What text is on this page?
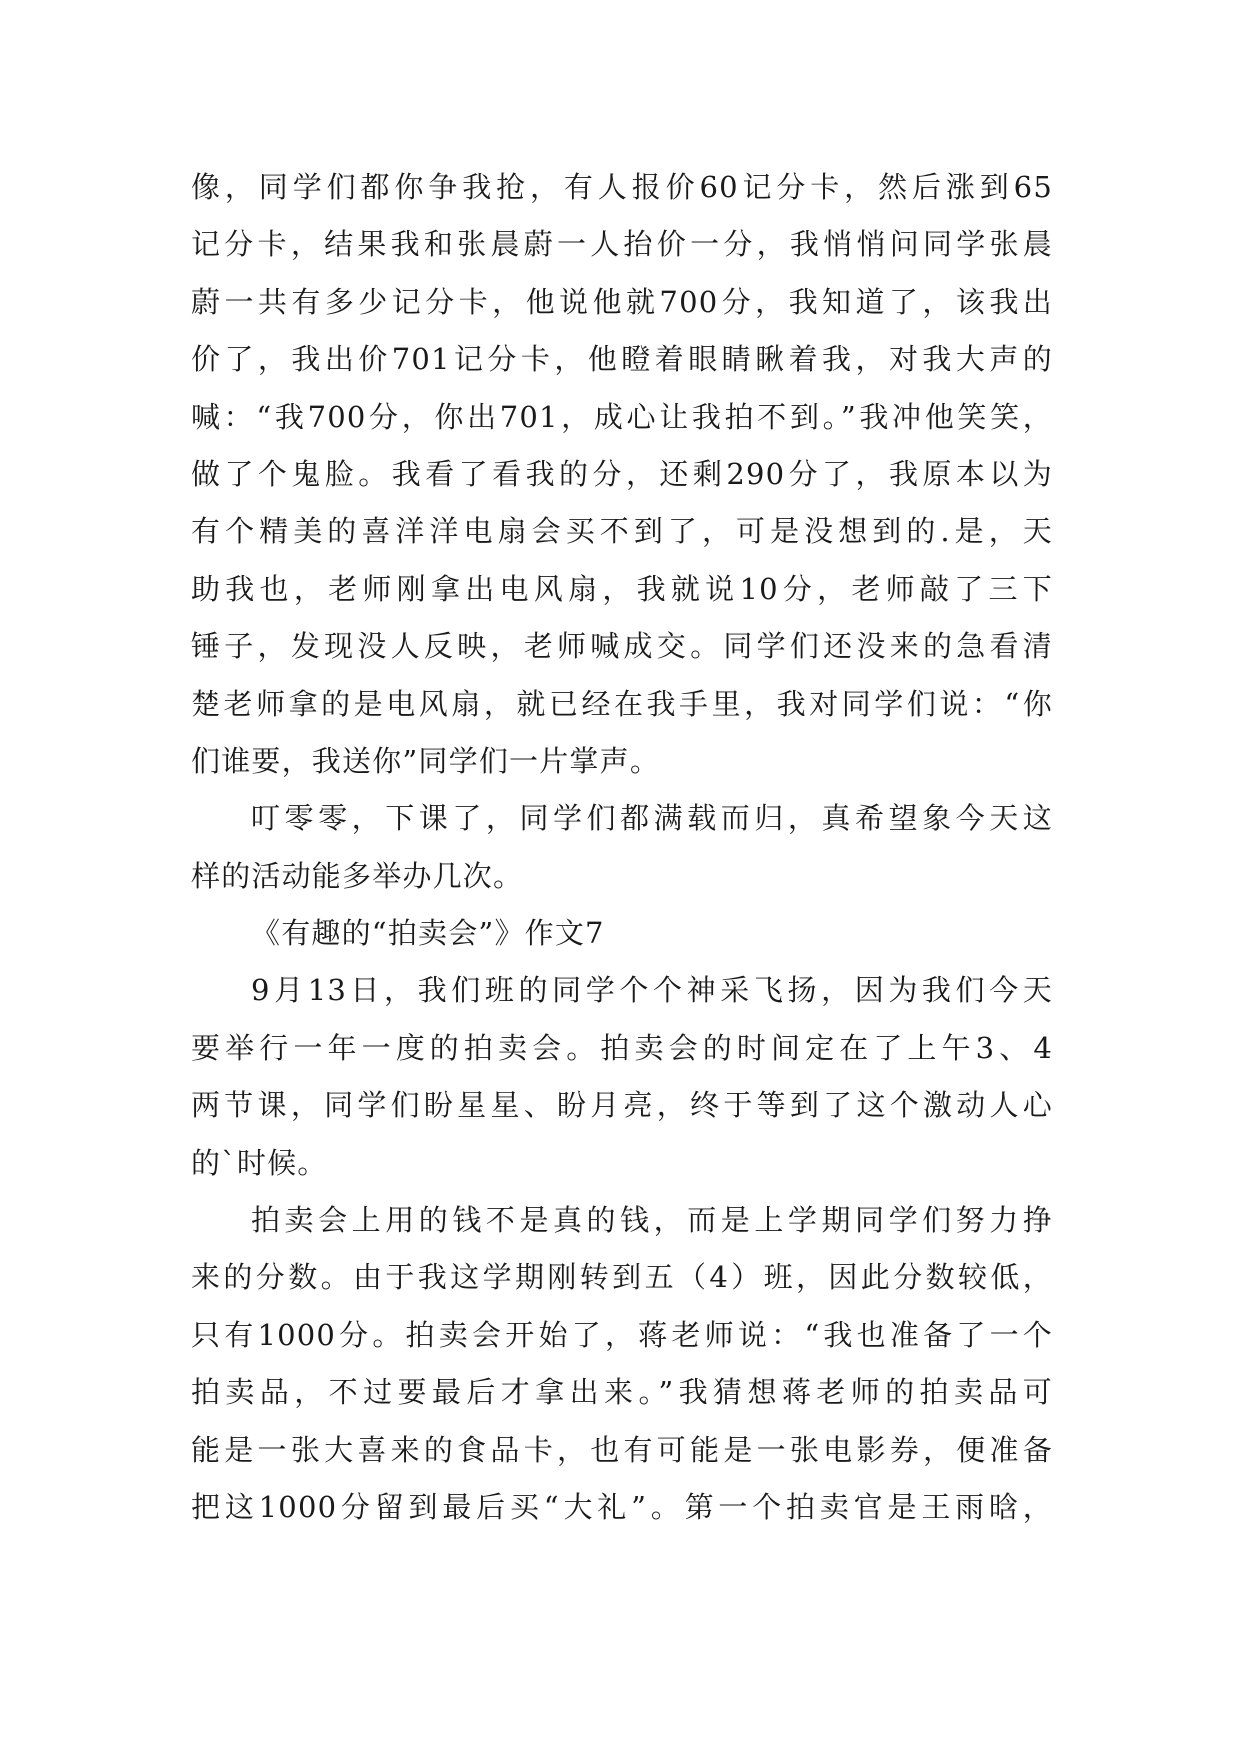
像，同学们都你争我抢，有人报价60记分卡，然后涨到65
记分卡，结果我和张晨蔚一人抬价一分，我悄悄问同学张晨
蔚一共有多少记分卡，他说他就700分，我知道了，该我出
价了，我出价701记分卡，他瞪着眼睛瞅着我，对我大声的
喊：“我700分，你出701，成心让我拍不到。”我冲他笑笑，
做了个鬼脸。我看了看我的分，还剩290分了，我原本以为
有个精美的喜洋洋电扇会买不到了，可是没想到的.是，天
助我也，老师刚拿出电风扇，我就说10分，老师敲了三下
锤子，发现没人反映，老师喊成交。同学们还没来的急看清
楚老师拿的是电风扇，就已经在我手里，我对同学们说：“你
们谁要，我送你”同学们一片掌声。
叮零零，下课了，同学们都满载而归，真希望象今天这
样的活动能多举办几次。
《有趣的“拍卖会”》作文7
9月13日，我们班的同学个个神采飞扬，因为我们今天
要举行一年一度的拍卖会。拍卖会的时间定在了上午3、4
两节课，同学们盼星星、盼月亮，终于等到了这个激动人心
的`时候。
拍卖会上用的钱不是真的钱，而是上学期同学们努力挣
来的分数。由于我这学期刚转到五（4）班，因此分数较低，
只有1000分。拍卖会开始了，蒋老师说：“我也准备了一个
拍卖品，不过要最后才拿出来。”我猜想蒋老师的拍卖品可
能是一张大喜来的食品卡，也有可能是一张电影券，便准备
把这1000分留到最后买“大礼”。第一个拍卖官是王雨晗，
